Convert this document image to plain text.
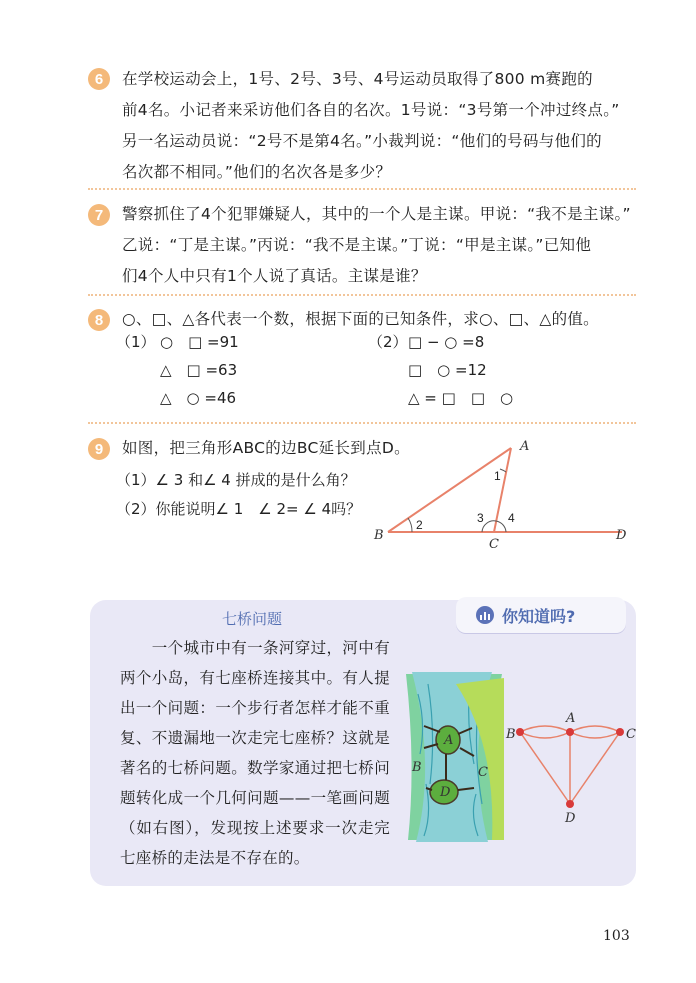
6	在学校运动会上，1号、2号、3号、4号运动员取得了800 m赛跑的
前4名。小记者来采访他们各自的名次。1号说：“3号第一个冲过终点。”
另一名运动员说：“2号不是第4名。”小裁判说：“他们的号码与他们的
名次都不相同。”他们的名次各是多少？
7	警察抓住了4个犯罪嫌疑人，其中的一个人是主谋。甲说：“我不是主谋。”
乙说：“丁是主谋。”丙说：“我不是主谋。”丁说：“甲是主谋。”已知他
们4个人中只有1个人说了真话。主谋是谁？
8	○、□、△各代表一个数，根据下面的已知条件，求○、□、△的值。
（1） ○　□ =91
△　□ =63
△　○ =46
（2） □ − ○ =8
□　○ =12
△ = □　□　○
9	如图，把三角形ABC的边BC延长到点D。
（1）∠ 3 和∠ 4 拼成的是什么角？
（2）你能说明∠ 1　∠ 2= ∠ 4吗？
B
A
C
D
1
2	3 4
你知道吗?
七桥问题
　　一个城市中有一条河穿过，河中有两个小岛，有七座桥连接其中。有人提出一个问题：一个步行者怎样才能不重复、不遗漏地一次走完七座桥？这就是著名的七桥问题。数学家通过把七桥问题转化成一个几何问题——一笔画问题（如右图），发现按上述要求一次走完七座桥的走法是不存在的。
A
B	C
D
A
B	C
D
103
